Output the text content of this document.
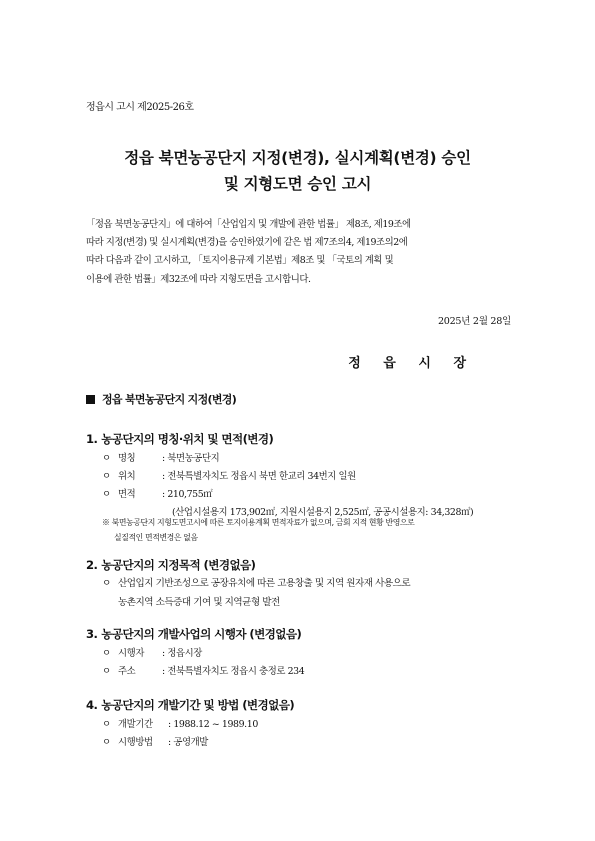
정읍시 고시 제2025-26호
정읍 북면농공단지 지정(변경), 실시계획(변경) 승인
및 지형도면 승인 고시

「정읍 북면농공단지」에 대하여「산업입지 및 개발에 관한 법률」 제8조, 제19조에

따라 지정(변경) 및 실시계획(변경)을 승인하였기에 같은 법 제7조의4, 제19조의2에

따라 다음과 같이 고시하고, 「토지이용규제 기본법」제8조 및 「국토의 계획 및

이용에 관한 법률」제32조에 따라 지형도면을 고시합니다.

2025년 2월 28일
정 읍 시 장
정읍 북면농공단지 지정(변경)
1. 농공단지의 명칭·위치 및 면적(변경)
ㅇ 명칭	: 북면농공단지
ㅇ 위치	: 전북특별자치도 정읍시 북면 한교리 34번지 일원
ㅇ 면적	: 210,755㎡
(산업시설용지 173,902㎡, 지원시설용지 2,525㎡, 공공시설용지: 34,328㎡)

※ 북면농공단지 지형도면고시에 따른 토지이용계획 면적자료가 없으며, 금회 지적 현황 반영으로

실질적인 면적변경은 없음

2. 농공단지의 지정목적 (변경없음)

ㅇ 산업입지 기반조성으로 공장유치에 따른 고용창출 및 지역 원자재 사용으로

농촌지역 소득증대 기여 및 지역균형 발전

3. 농공단지의 개발사업의 시행자 (변경없음)
ㅇ 시행자 : 정읍시장
ㅇ 주소	: 전북특별자치도 정읍시 충정로 234
4. 농공단지의 개발기간 및 방법 (변경없음)
ㅇ 개발기간 : 1988.12 ~ 1989.10
ㅇ 시행방법 : 공영개발
